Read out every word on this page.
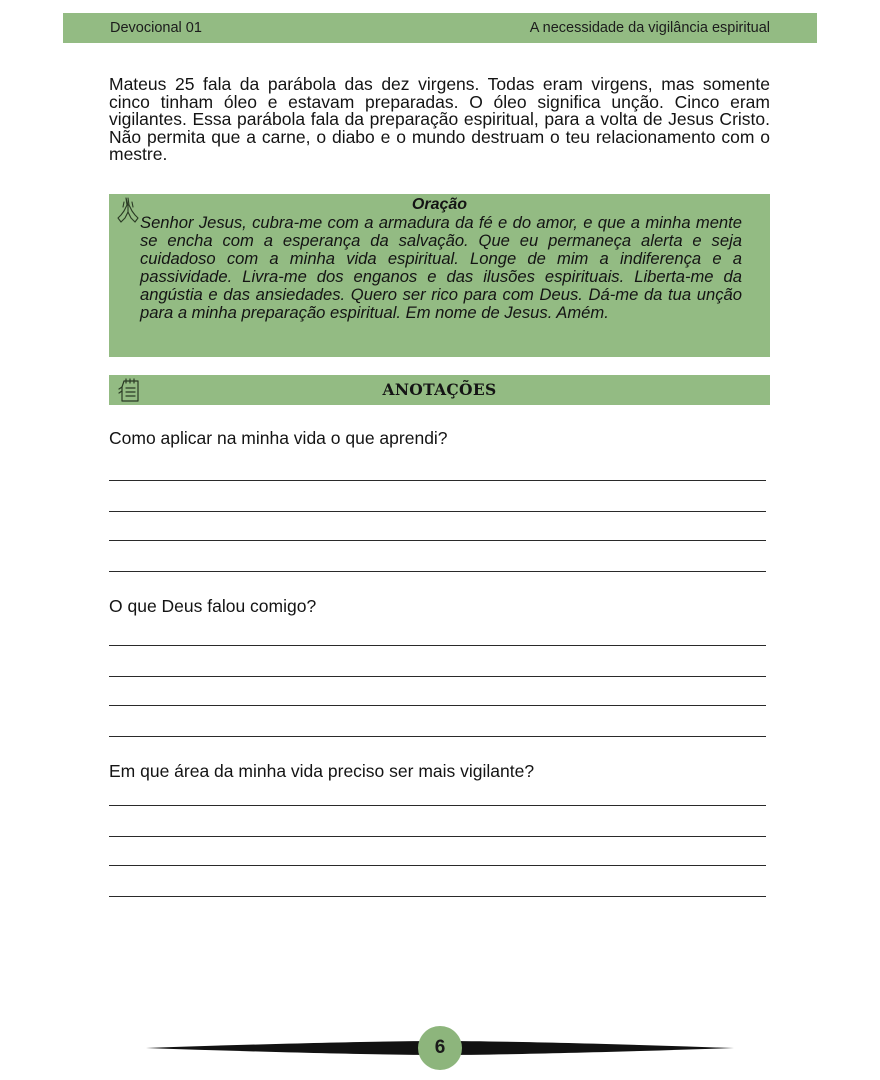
Devocional 01	A necessidade da vigilância espiritual

Mateus 25 fala da parábola das dez virgens. Todas eram virgens, mas somente cinco tinham óleo e estavam preparadas. O óleo significa unção. Cinco eram vigilantes. Essa parábola fala da preparação espiritual, para a volta de Jesus Cristo. Não permita que a carne, o diabo e o mundo destruam o teu relacionamento com o mestre.

Oração

Senhor Jesus, cubra-me com a armadura da fé e do amor, e que a minha mente se encha com a esperança da salvação. Que eu permaneça alerta e seja cuidadoso com a minha vida espiritual. Longe de mim a indiferença e a passividade. Livra-me dos enganos e das ilusões espirituais. Liberta-me da angústia e das ansiedades. Quero ser rico para com Deus. Dá-me da tua unção para a minha preparação espiritual. Em nome de Jesus. Amém.

ANOTAÇÕES

Como aplicar na minha vida o que aprendi?

O que Deus falou comigo?

Em que área da minha vida preciso ser mais vigilante?

6
